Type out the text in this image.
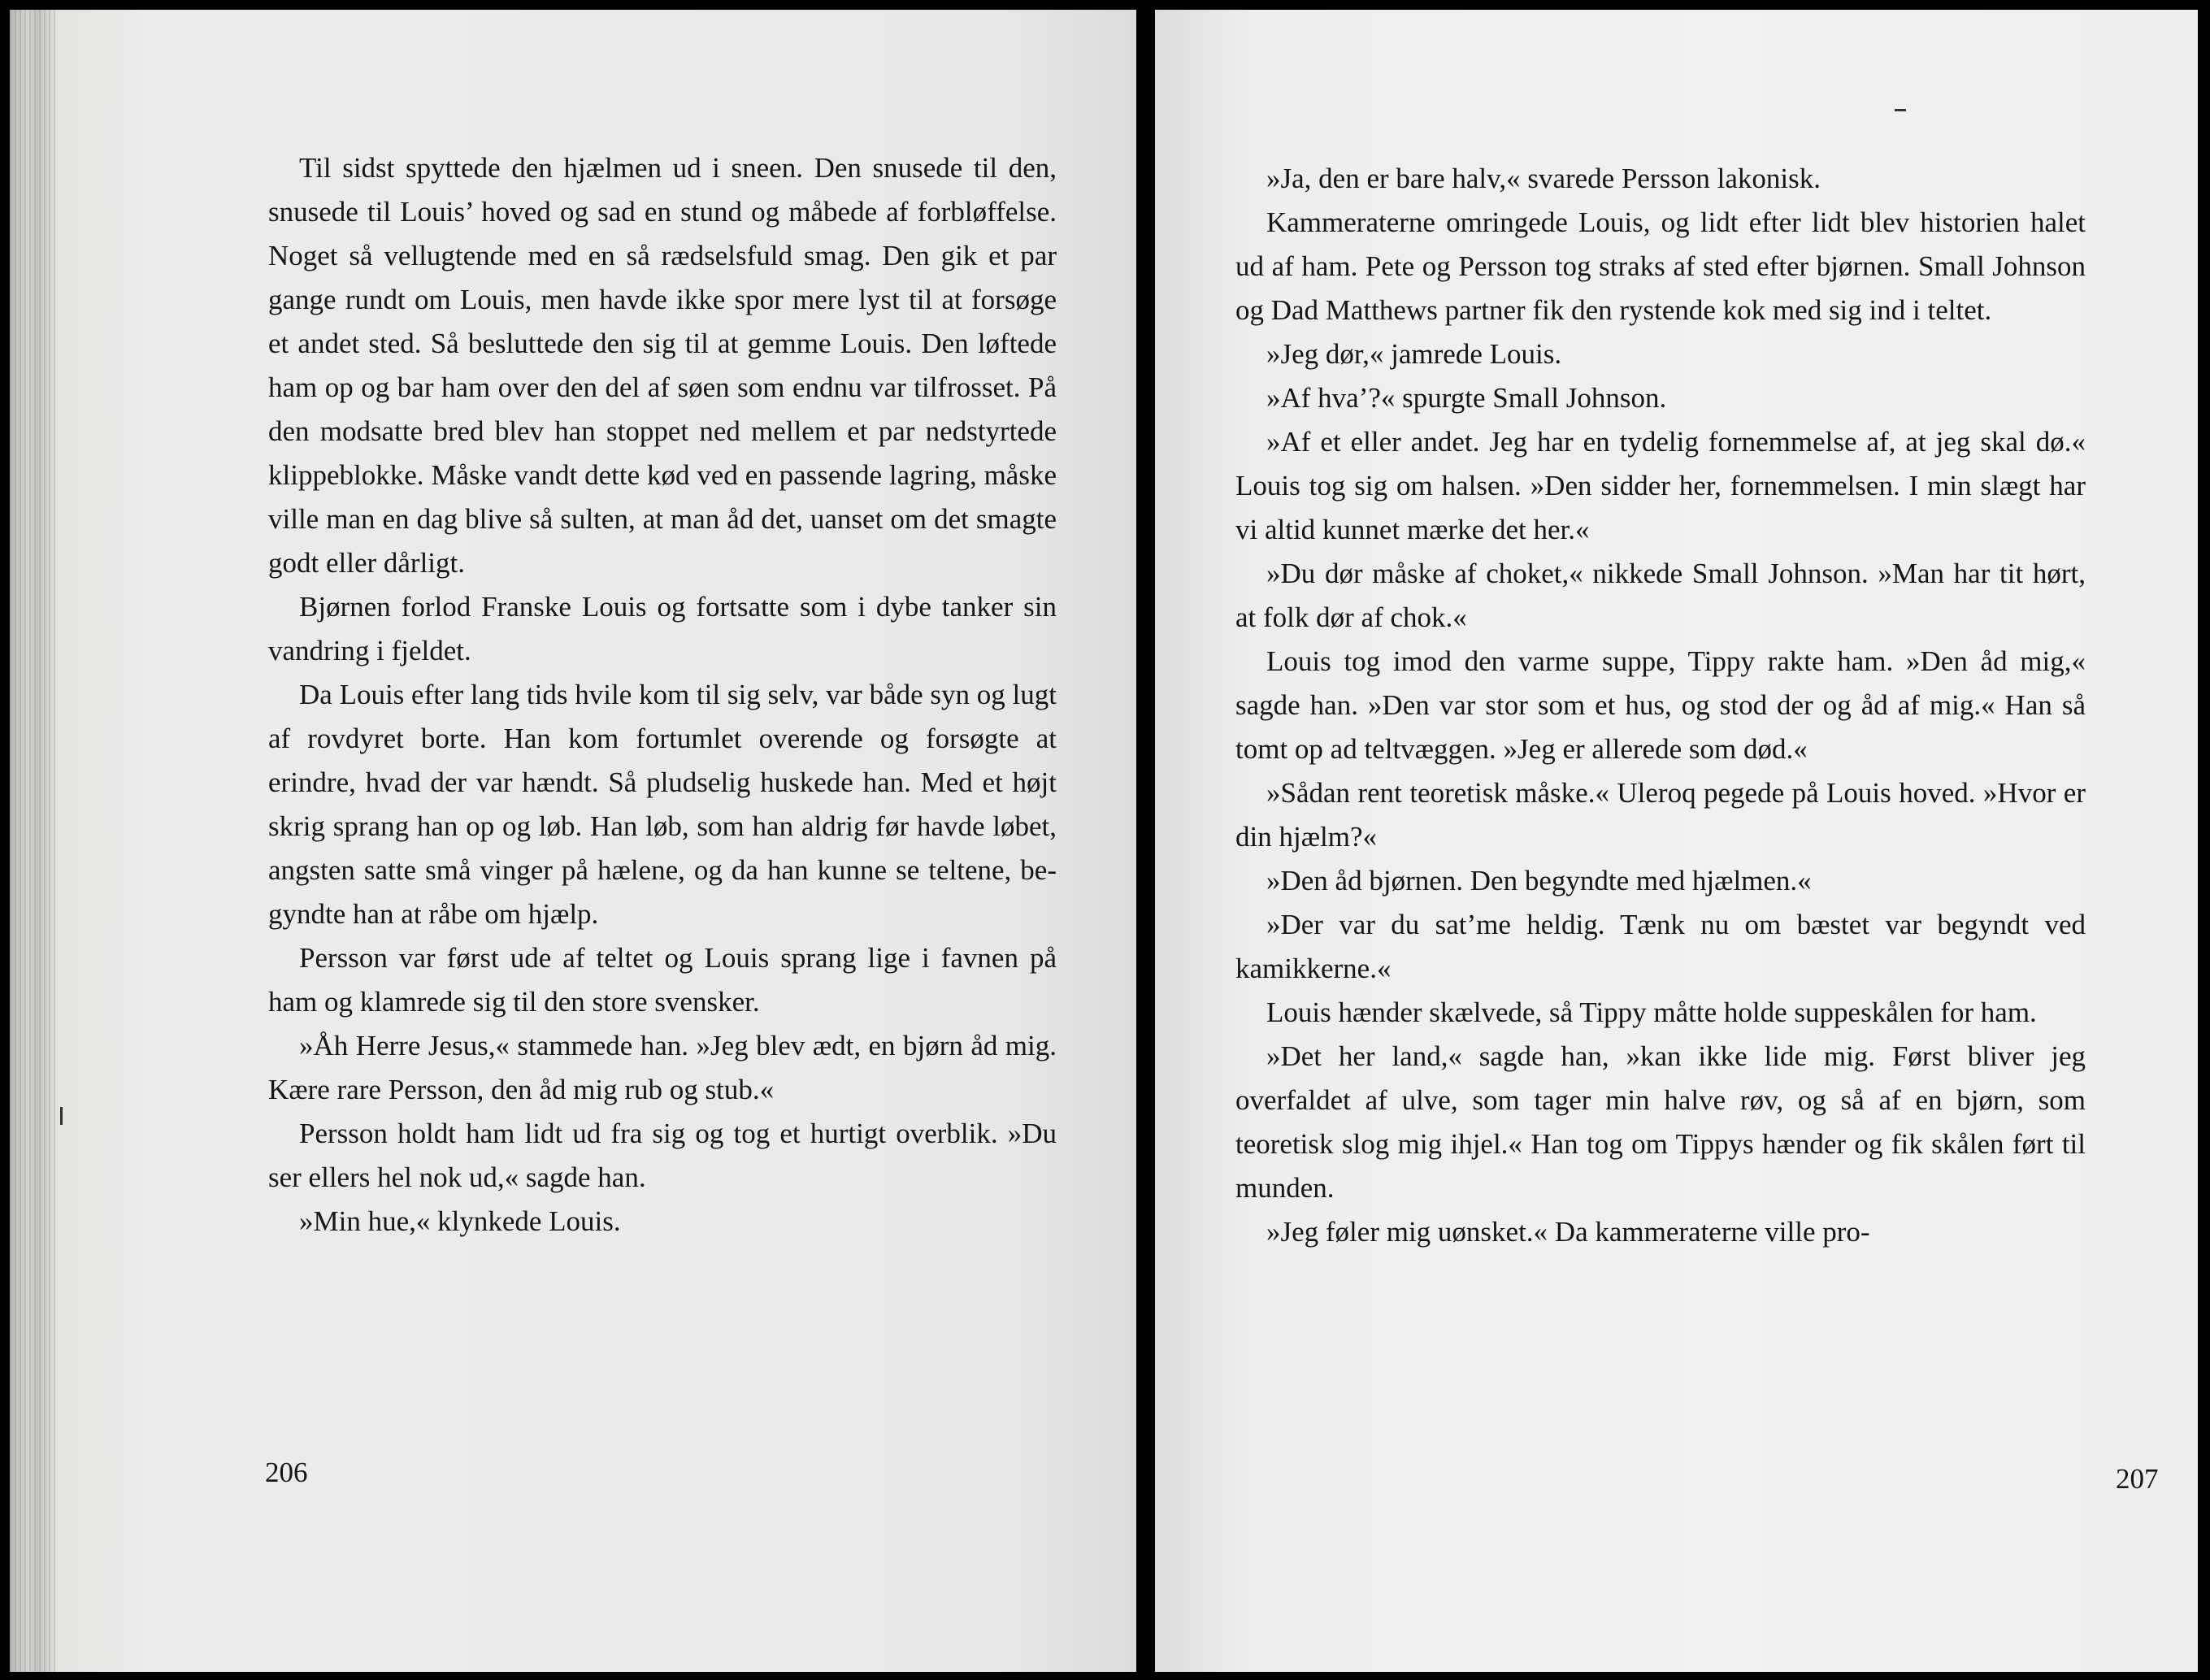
Til sidst spyttede den hjælmen ud i sneen. Den snusede til den, snusede til Louis’ hoved og sad en stund og måbede af forbløffelse. Noget så vellugtende med en så rædselsfuld smag. Den gik et par gange rundt om Louis, men havde ikke spor mere lyst til at forsøge et andet sted. Så besluttede den sig til at gemme Louis. Den løftede ham op og bar ham over den del af søen som endnu var tilfrosset. På den modsatte bred blev han stoppet ned mellem et par nedstyrtede klippeblokke. Måske vandt dette kød ved en passende lagring, måske ville man en dag blive så sulten, at man åd det, uanset om det smagte godt eller dårligt.

Bjørnen forlod Franske Louis og fortsatte som i dybe tanker sin vandring i fjeldet.

Da Louis efter lang tids hvile kom til sig selv, var både syn og lugt af rovdyret borte. Han kom fortumlet overende og forsøgte at erindre, hvad der var hændt. Så pludselig huskede han. Med et højt skrig sprang han op og løb. Han løb, som han aldrig før havde løbet, angsten satte små vinger på hælene, og da han kunne se teltene, begyndte han at råbe om hjælp.

Persson var først ude af teltet og Louis sprang lige i favnen på ham og klamrede sig til den store svensker.

»Åh Herre Jesus,« stammede han. »Jeg blev ædt, en bjørn åd mig. Kære rare Persson, den åd mig rub og stub.«

Persson holdt ham lidt ud fra sig og tog et hurtigt overblik. »Du ser ellers hel nok ud,« sagde han.

»Min hue,« klynkede Louis.

206

»Ja, den er bare halv,« svarede Persson lakonisk.

Kammeraterne omringede Louis, og lidt efter lidt blev historien halet ud af ham. Pete og Persson tog straks af sted efter bjørnen. Small Johnson og Dad Matthews partner fik den rystende kok med sig ind i teltet.

»Jeg dør,« jamrede Louis.

»Af hva’?« spurgte Small Johnson.

»Af et eller andet. Jeg har en tydelig fornemmelse af, at jeg skal dø.« Louis tog sig om halsen. »Den sidder her, fornemmelsen. I min slægt har vi altid kunnet mærke det her.«

»Du dør måske af choket,« nikkede Small Johnson. »Man har tit hørt, at folk dør af chok.«

Louis tog imod den varme suppe, Tippy rakte ham. »Den åd mig,« sagde han. »Den var stor som et hus, og stod der og åd af mig.« Han så tomt op ad teltvæggen. »Jeg er allerede som død.«

»Sådan rent teoretisk måske.« Uleroq pegede på Louis hoved. »Hvor er din hjælm?«

»Den åd bjørnen. Den begyndte med hjælmen.«

»Der var du sat’me heldig. Tænk nu om bæstet var begyndt ved kamikkerne.«

Louis hænder skælvede, så Tippy måtte holde suppeskålen for ham.

»Det her land,« sagde han, »kan ikke lide mig. Først bliver jeg overfaldet af ulve, som tager min halve røv, og så af en bjørn, som teoretisk slog mig ihjel.« Han tog om Tippys hænder og fik skålen ført til munden.

»Jeg føler mig uønsket.« Da kammeraterne ville pro-

207
